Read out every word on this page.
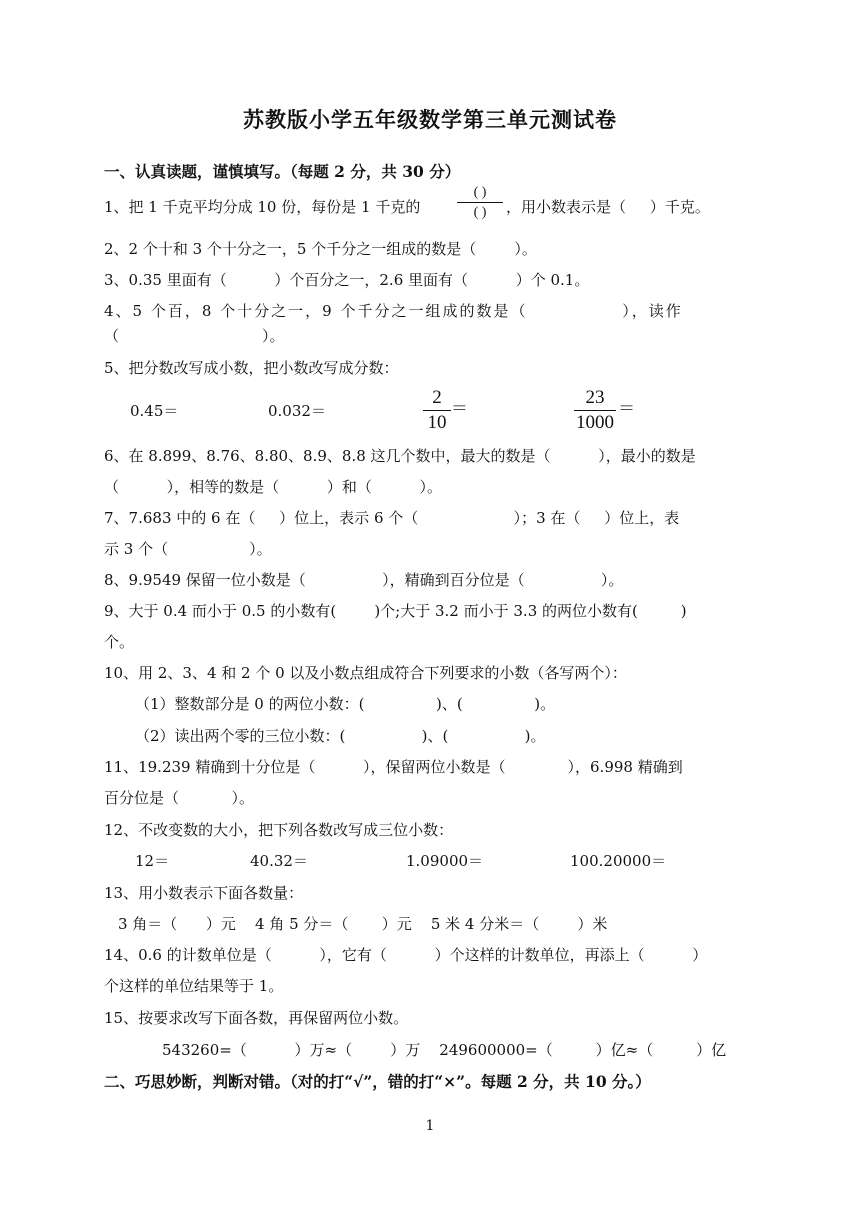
苏教版小学五年级数学第三单元测试卷
一、认真读题，谨慎填写。（每题 2 分，共 30 分）
1、把 1 千克平均分成 10 份，每份是 1 千克的
( )
( )	，用小数表示是（     ）千克。
2、2 个十和 3 个十分之一，5 个千分之一组成的数是（        ）。
3、0.35 里面有（          ）个百分之一，2.6 里面有（          ）个 0.1。
4、5 个百，8 个十分之一，9 个千分之一组成的数是（              ），读作
（                              ）。
5、把分数改写成小数，把小数改写成分数：
0.45＝	0.032＝
2
10
＝
23
1000
＝
6、在 8.899、8.76、8.80、8.9、8.8 这几个数中，最大的数是（          ），最小的数是
（          ），相等的数是（          ）和（          ）。
7、7.683 中的 6 在（     ）位上，表示 6 个（                    ）；3 在（     ）位上，表
示 3 个（                 ）。
8、9.9549 保留一位小数是（                ），精确到百分位是（                ）。
9、大于 0.4 而小于 0.5 的小数有(        )个;大于 3.2 而小于 3.3 的两位小数有(         )
个。
10、用 2、3、4 和 2 个 0 以及小数点组成符合下列要求的小数（各写两个）：
（1）整数部分是 0 的两位小数：(               )、(               )。
（2）读出两个零的三位小数：(                )、(                )。
11、19.239 精确到十分位是（          ），保留两位小数是（             ），6.998 精确到
百分位是（           ）。
12、不改变数的大小，把下列各数改写成三位小数：
12＝	40.32＝	1.09000＝	100.20000＝
13、用小数表示下面各数量：
3 角＝（      ）元    4 角 5 分＝（       ）元    5 米 4 分米＝（        ）米
14、0.6 的计数单位是（          ），它有（          ）个这样的计数单位，再添上（          ）
个这样的单位结果等于 1。
15、按要求改写下面各数，再保留两位小数。
543260=（          ）万≈（        ）万    249600000=（         ）亿≈（         ）亿
二、巧思妙断，判断对错。（对的打“√”，错的打“×”。每题 2 分，共 10 分。）
1
